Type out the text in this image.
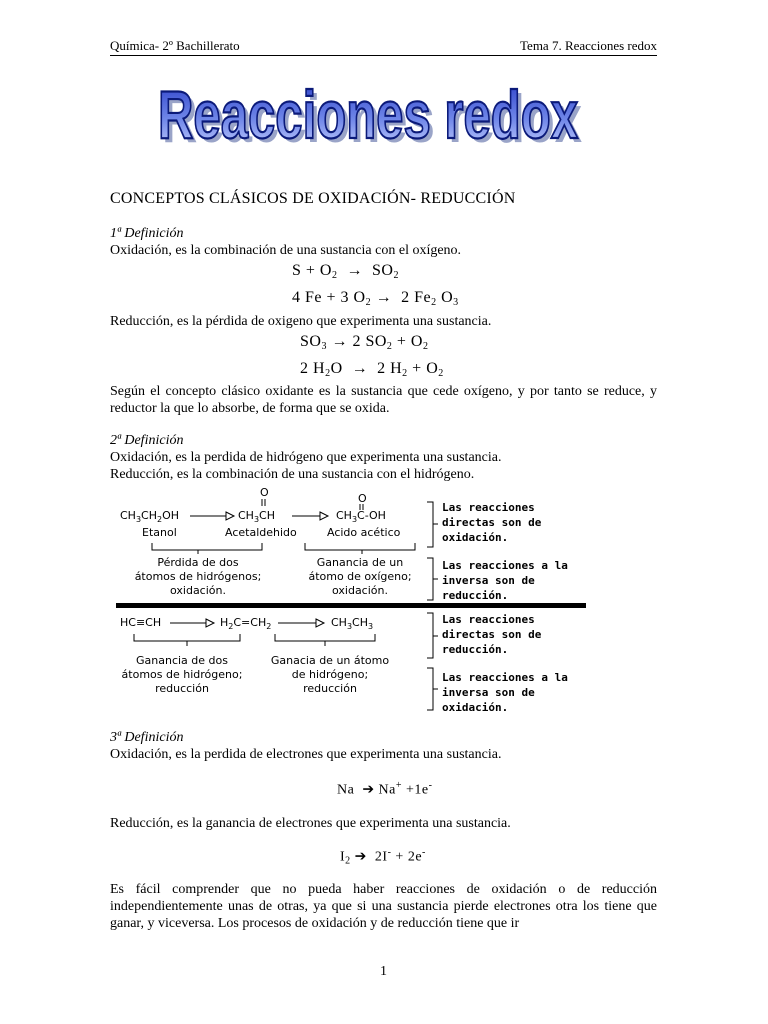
Química- 2º Bachillerato	Tema 7. Reacciones redox
Reacciones redox
Reacciones redox
CONCEPTOS CLÁSICOS DE OXIDACIÓN- REDUCCIÓN
1ª Definición
Oxidación, es la combinación de una sustancia con el oxígeno.
$S + O_2 \to SO_2$
4 Fe + 3 $O_2 \to 2$ $Fe_2$ $O_3$
Reducción, es la pérdida de oxigeno que experimenta una sustancia.
$SO_3 \to 2$ $SO_2 + O_2$
2 $H_2O \to 2$ $H_2 + O_2$
Según el concepto clásico oxidante es la sustancia que cede oxígeno, y por tanto se reduce, y reductor la que lo absorbe, de forma que se oxida.
2ª Definición
Oxidación, es la perdida de hidrógeno que experimenta una sustancia.
Reducción, es la combinación de una sustancia con el hidrógeno.
$CH_3CH_2OH$
O
$CH_3CH$
O
$CH_3C-OH$
Etanol	Acetaldehido	Acido acético
Pérdida de dos
átomos de hidrógenos;
oxidación.
Ganancia de un
átomo de oxígeno;
oxidación.
Las reacciones
directas son de
oxidación.
Las reacciones a la
inversa son de
reducción.
HC≡CH	$H_2C=CH_2$	$CH_3CH_3$
Ganancia de dos
átomos de hidrógeno;
reducción
Ganacia de un átomo
de hidrógeno;
reducción
Las reacciones
directas son de
reducción.
Las reacciones a la
inversa son de
oxidación.
3ª Definición
Oxidación, es la perdida de electrones que experimenta una sustancia.
Na  ➔ Na+ +1e-
Reducción, es la ganancia de electrones que experimenta una sustancia.
$I_2$ ➔  2I- + 2e-
Es fácil comprender que no pueda haber reacciones de oxidación o de reducción independientemente unas de otras, ya que si una sustancia pierde electrones otra los tiene que ganar, y viceversa. Los procesos de oxidación y de reducción tiene que ir
1
